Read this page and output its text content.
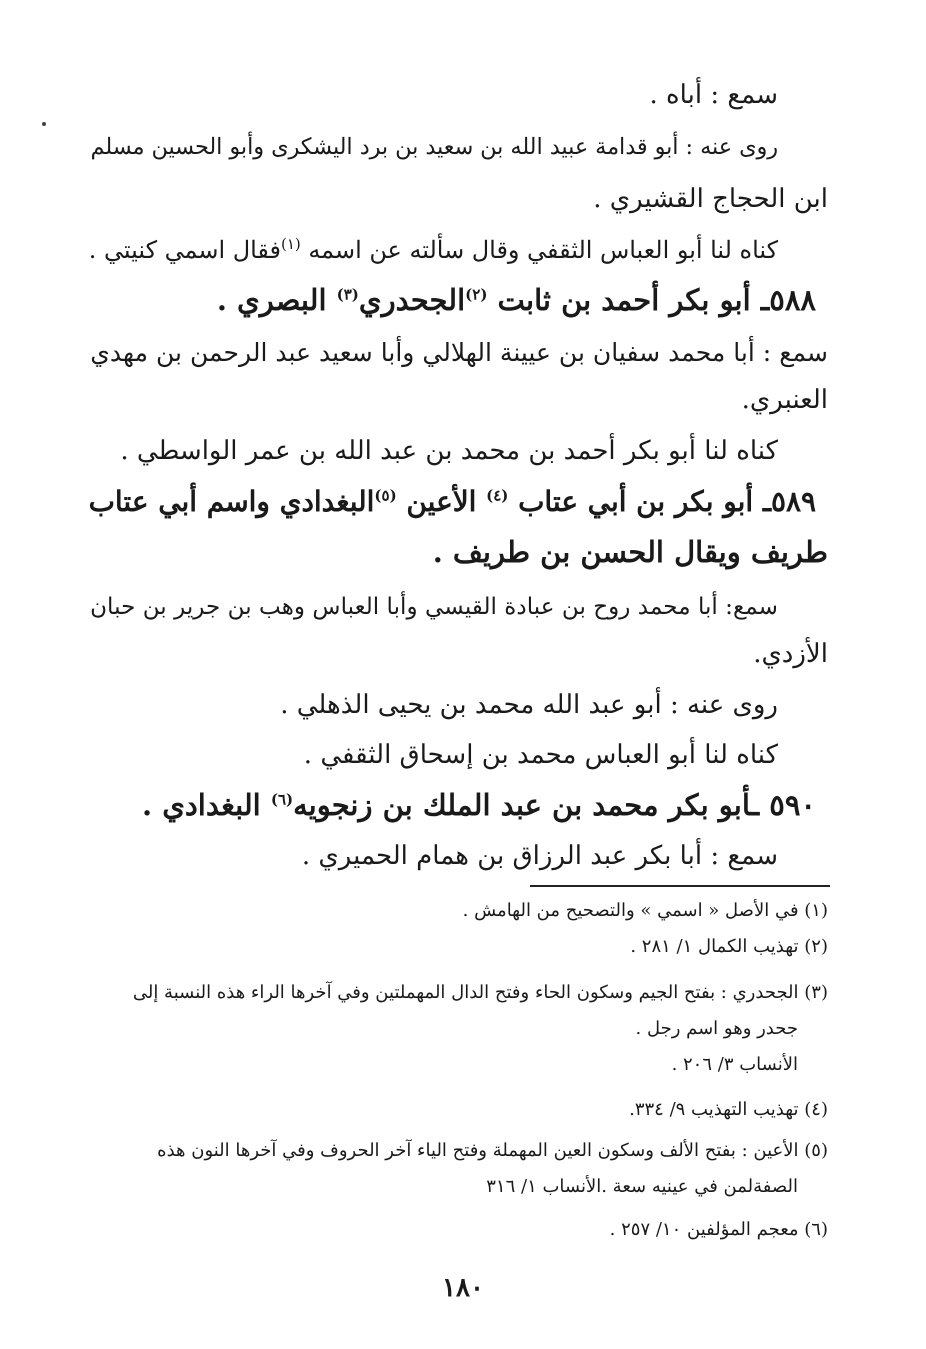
سمع : أباه .
روى عنه : أبو قدامة عبيد الله بن سعيد بن برد اليشكرى وأبو الحسين مسلم
ابن الحجاج القشيري .
كناه لنا أبو العباس الثقفي وقال سألته عن اسمه $^{(١)}$فقال اسمي كنيتي .
٥٨٨ـ أبو بكر أحمد بن ثابت $^{(٢)}$الجحدري$^{(٣)}$ البصري .
سمع : أبا محمد سفيان بن عيينة الهلالي وأبا سعيد عبد الرحمن بن مهدي
العنبري.
كناه لنا أبو بكر أحمد بن محمد بن عبد الله بن عمر الواسطي .
٥٨٩ـ أبو بكر بن أبي عتاب $^{(٤)}$ الأعين $^{(٥)}$البغدادي واسم أبي عتاب
طريف ويقال الحسن بن طريف .
سمع: أبا محمد روح بن عبادة القيسي وأبا العباس وهب بن جرير بن حبان
الأزدي.
روى عنه : أبو عبد الله محمد بن يحيى الذهلي .
كناه لنا أبو العباس محمد بن إسحاق الثقفي .
٥٩٠ ـأبو بكر محمد بن عبد الملك بن زنجويه$^{(٦)}$ البغدادي .
سمع : أبا بكر عبد الرزاق بن همام الحميري .
(١) في الأصل « اسمي » والتصحيح من الهامش .
(٢) تهذيب الكمال ١/ ٢٨١ .
(٣) الجحدري : بفتح الجيم وسكون الحاء وفتح الدال المهملتين وفي آخرها الراء هذه النسبة إلى
جحدر وهو اسم رجل .
الأنساب ٣/ ٢٠٦ .
(٤) تهذيب التهذيب ٩/ ٣٣٤.
(٥) الأعين : بفتح الألف وسكون العين المهملة وفتح الياء آخر الحروف وفي آخرها النون هذه
الصفةلمن في عينيه سعة .الأنساب ١/ ٣١٦
(٦) معجم المؤلفين ١٠/ ٢٥٧ .
١٨٠
